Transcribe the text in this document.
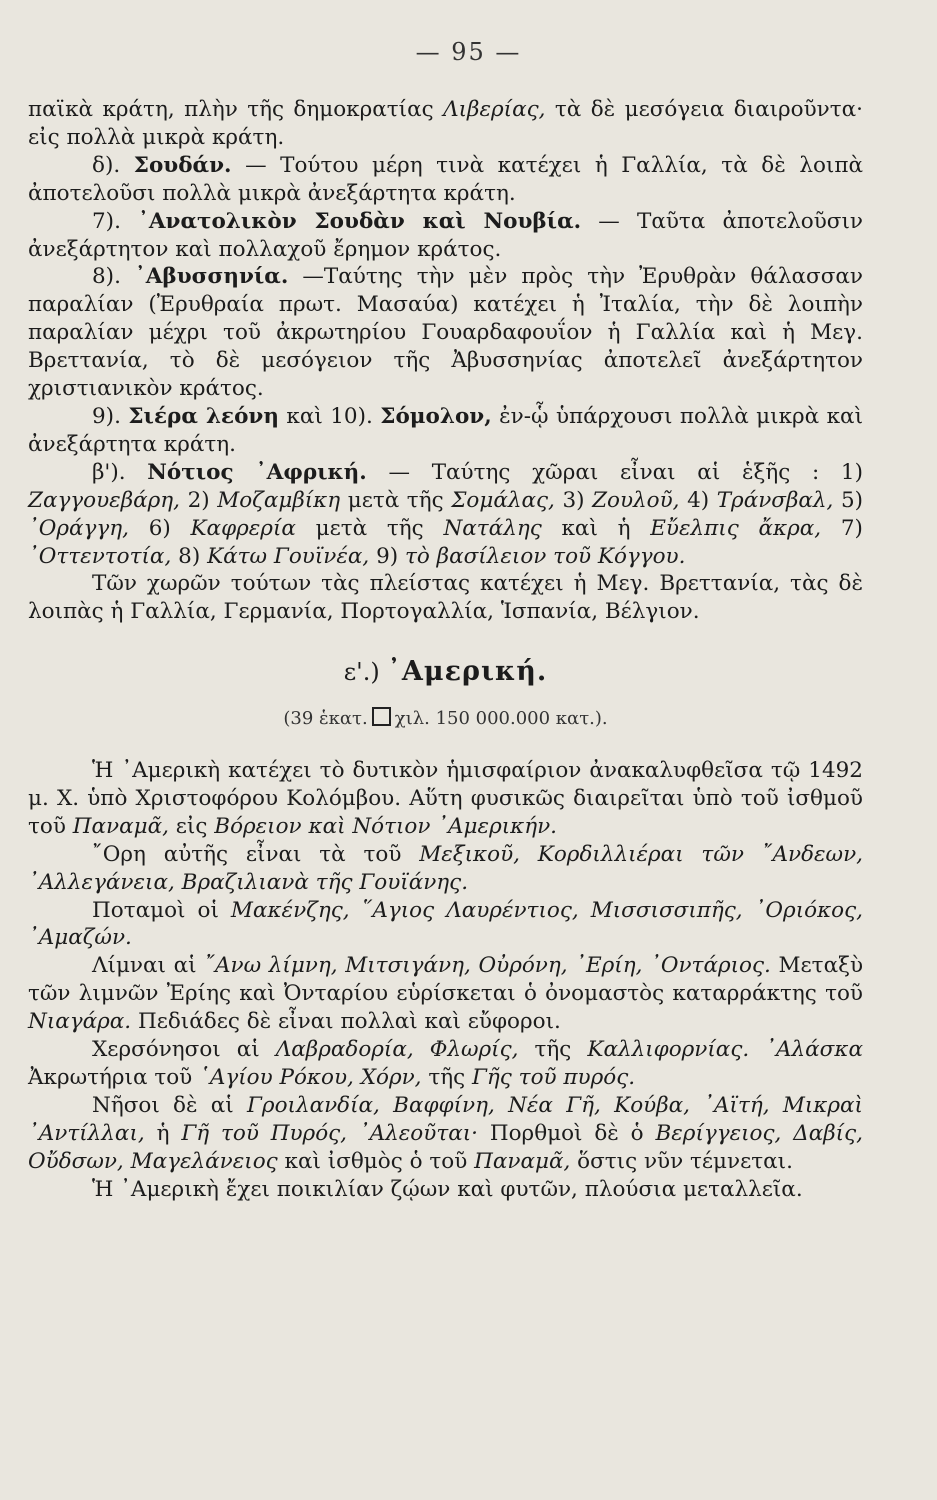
— 95 —

παϊκὰ κράτη, πλὴν τῆς δημοκρατίας Λιβερίας, τὰ δὲ μεσόγεια διαιροῦντα· εἰς πολλὰ μικρὰ κράτη.

δ). Σουδάν. — Τούτου μέρη τινὰ κατέχει ἡ Γαλλία, τὰ δὲ λοιπὰ ἀποτελοῦσι πολλὰ μικρὰ ἀνεξάρτητα κράτη.

7). ᾿Ανατολικὸν Σουδὰν καὶ Νουβία. — Ταῦτα ἀποτελοῦσιν ἀνεξάρτητον καὶ πολλαχοῦ ἔρημον κράτος.

8). ᾿Αβυσσηνία. —Ταύτης τὴν μὲν πρὸς τὴν Ἐρυθρὰν θάλασσαν παραλίαν (Ἐρυθραία πρωτ. Μασαύα) κατέχει ἡ Ἰταλία, τὴν δὲ λοιπὴν παραλίαν μέχρι τοῦ ἀκρωτηρίου Γουαρδαφουΐον ἡ Γαλλία καὶ ἡ Μεγ. Βρεττανία, τὸ δὲ μεσόγειον τῆς Ἀβυσσηνίας ἀποτελεῖ ἀνεξάρτητον χριστιανικὸν κράτος.

9). Σιέρα λεόνη καὶ 10). Σόμολον, ἐν-ᾧ ὑπάρχουσι πολλὰ μικρὰ καὶ ἀνεξάρτητα κράτη.

β'). Νότιος ᾿Αφρική. — Ταύτης χῶραι εἶναι αἱ ἑξῆς : 1) Ζαγγουεβάρη, 2) Μοζαμβίκη μετὰ τῆς Σομάλας, 3) Ζουλοῦ, 4) Τράνσβαλ, 5) ᾿Οράγγη, 6) Καφρερία μετὰ τῆς Νατάλης καὶ ἡ Εὔελπις ἄκρα, 7) ᾿Οττεντοτία, 8) Κάτω Γουϊνέα, 9) τὸ βασίλειον τοῦ Κόγγου.

Τῶν χωρῶν τούτων τὰς πλείστας κατέχει ἡ Μεγ. Βρεττανία, τὰς δὲ λοιπὰς ἡ Γαλλία, Γερμανία, Πορτογαλλία, Ἱσπανία, Βέλγιον.

ε'.) ᾿Αμερική.
(39 ἑκατ. χιλ. 150 000.000 κατ.).

Ἡ ᾿Αμερικὴ κατέχει τὸ δυτικὸν ἡμισφαίριον ἀνακαλυφθεῖσα τῷ 1492 μ. Χ. ὑπὸ Χριστοφόρου Κολόμβου. Αὕτη φυσικῶς διαιρεῖται ὑπὸ τοῦ ἰσθμοῦ τοῦ Παναμᾶ, εἰς Βόρειον καὶ Νότιον ᾿Αμερικήν.

῎Ορη αὐτῆς εἶναι τὰ τοῦ Μεξικοῦ, Κορδιλλιέραι τῶν ῎Ανδεων, ᾿Αλλεγάνεια, Βραζιλιανὰ τῆς Γουϊάνης.

Ποταμοὶ οἱ Μακένζης, ῞Αγιος Λαυρέντιος, Μισσισσιπῆς, ᾿Οριόκος, ᾿Αμαζών.

Λίμναι αἱ ῎Ανω λίμνη, Μιτσιγάνη, Οὐρόνη, ᾿Ερίη, ᾿Οντάριος. Μεταξὺ τῶν λιμνῶν Ἐρίης καὶ Ὀνταρίου εὑρίσκεται ὁ ὀνομαστὸς καταρράκτης τοῦ Νιαγάρα. Πεδιάδες δὲ εἶναι πολλαὶ καὶ εὔφοροι.

Χερσόνησοι αἱ Λαβραδορία, Φλωρίς, τῆς Καλλιφορνίας. ᾿Αλάσκα Ἀκρωτήρια τοῦ ῾Αγίου Ρόκου, Χόρν, τῆς Γῆς τοῦ πυρός.

Νῆσοι δὲ αἱ Γροιλανδία, Βαφφίνη, Νέα Γῆ, Κούβα, ᾿Αϊτή, Μικραὶ ᾿Αντίλλαι, ἡ Γῆ τοῦ Πυρός, ᾿Αλεοῦται· Πορθμοὶ δὲ ὁ Βερίγγειος, Δαβίς, Οὔδσων, Μαγελάνειος καὶ ἰσθμὸς ὁ τοῦ Παναμᾶ, ὅστις νῦν τέμνεται.

Ἡ ᾿Αμερικὴ ἔχει ποικιλίαν ζῴων καὶ φυτῶν, πλούσια μεταλλεῖα.
